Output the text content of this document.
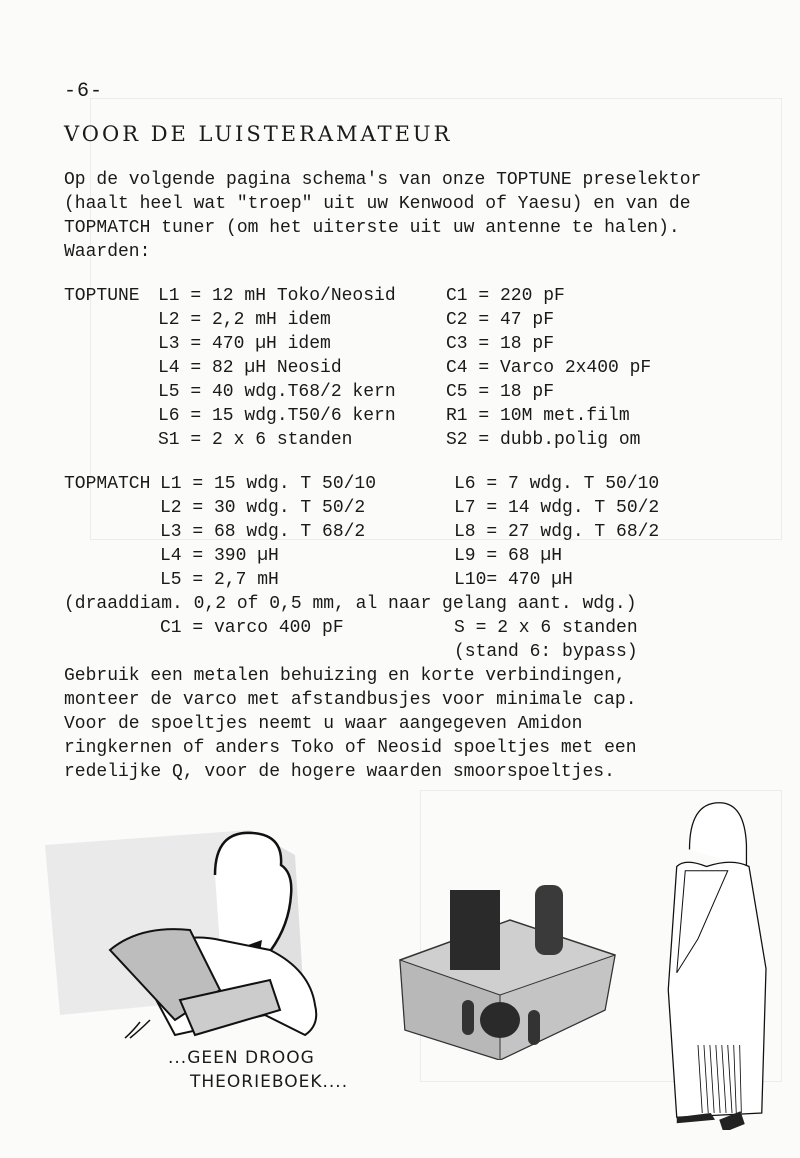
-6-
VOOR DE LUISTERAMATEUR
Op de volgende pagina schema's van onze TOPTUNE preselektor
(haalt heel wat "troep" uit uw Kenwood of Yaesu) en van de
TOPMATCH tuner (om het uiterste uit uw antenne te halen).
Waarden:
TOPTUNE	L1 = 12 mH Toko/Neosid	C1 = 220 pF
L2 = 2,2 mH idem	C2 = 47 pF
L3 = 470 µH idem	C3 = 18 pF
L4 = 82 µH Neosid	C4 = Varco 2x400 pF
L5 = 40 wdg.T68/2 kern	C5 = 18 pF
L6 = 15 wdg.T50/6 kern	R1 = 10M met.film
S1 = 2 x 6 standen	S2 = dubb.polig om
TOPMATCH L1 = 15 wdg. T 50/10	L6 = 7 wdg. T 50/10
L2 = 30 wdg. T 50/2	L7 = 14 wdg. T 50/2
L3 = 68 wdg. T 68/2	L8 = 27 wdg. T 68/2
L4 = 390 µH	L9 = 68 µH
L5 = 2,7 mH	L10= 470 µH
(draaddiam. 0,2 of 0,5 mm, al naar gelang aant. wdg.)
C1 = varco 400 pF	S = 2 x 6 standen
(stand 6: bypass)
Gebruik een metalen behuizing en korte verbindingen,
monteer de varco met afstandbusjes voor minimale cap.
Voor de spoeltjes neemt u waar aangegeven Amidon
ringkernen of anders Toko of Neosid spoeltjes met een
redelijke Q, voor de hogere waarden smoorspoeltjes.
...GEEN DROOG
THEORIEBOEK....
